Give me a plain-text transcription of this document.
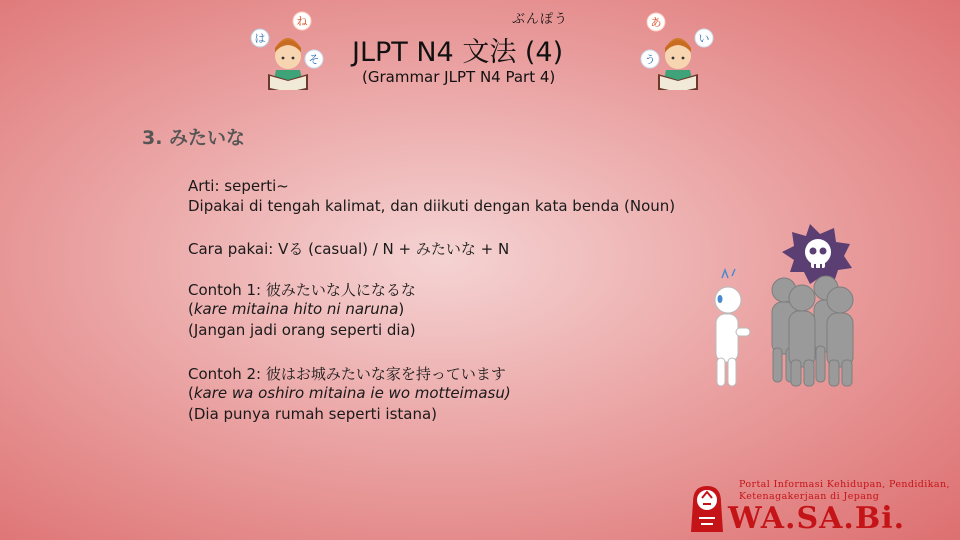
ぶんぽう
JLPT N4 文法 (4)
(Grammar JLPT N4 Part 4)
は
ね
そ
あ
い
う
3. みたいな
Arti: seperti~
Dipakai di tengah kalimat, dan diikuti dengan kata benda (Noun)
Cara pakai: Vる (casual) / N + みたいな + N
Contoh 1: 彼みたいな人になるな
(kare mitaina hito ni naruna)
(Jangan jadi orang seperti dia)
Contoh 2: 彼はお城みたいな家を持っています
(kare wa oshiro mitaina ie wo motteimasu)
(Dia punya rumah seperti istana)
Portal Informasi Kehidupan, Pendidikan,
Ketenagakerjaan di Jepang
WA.SA.Bi.
